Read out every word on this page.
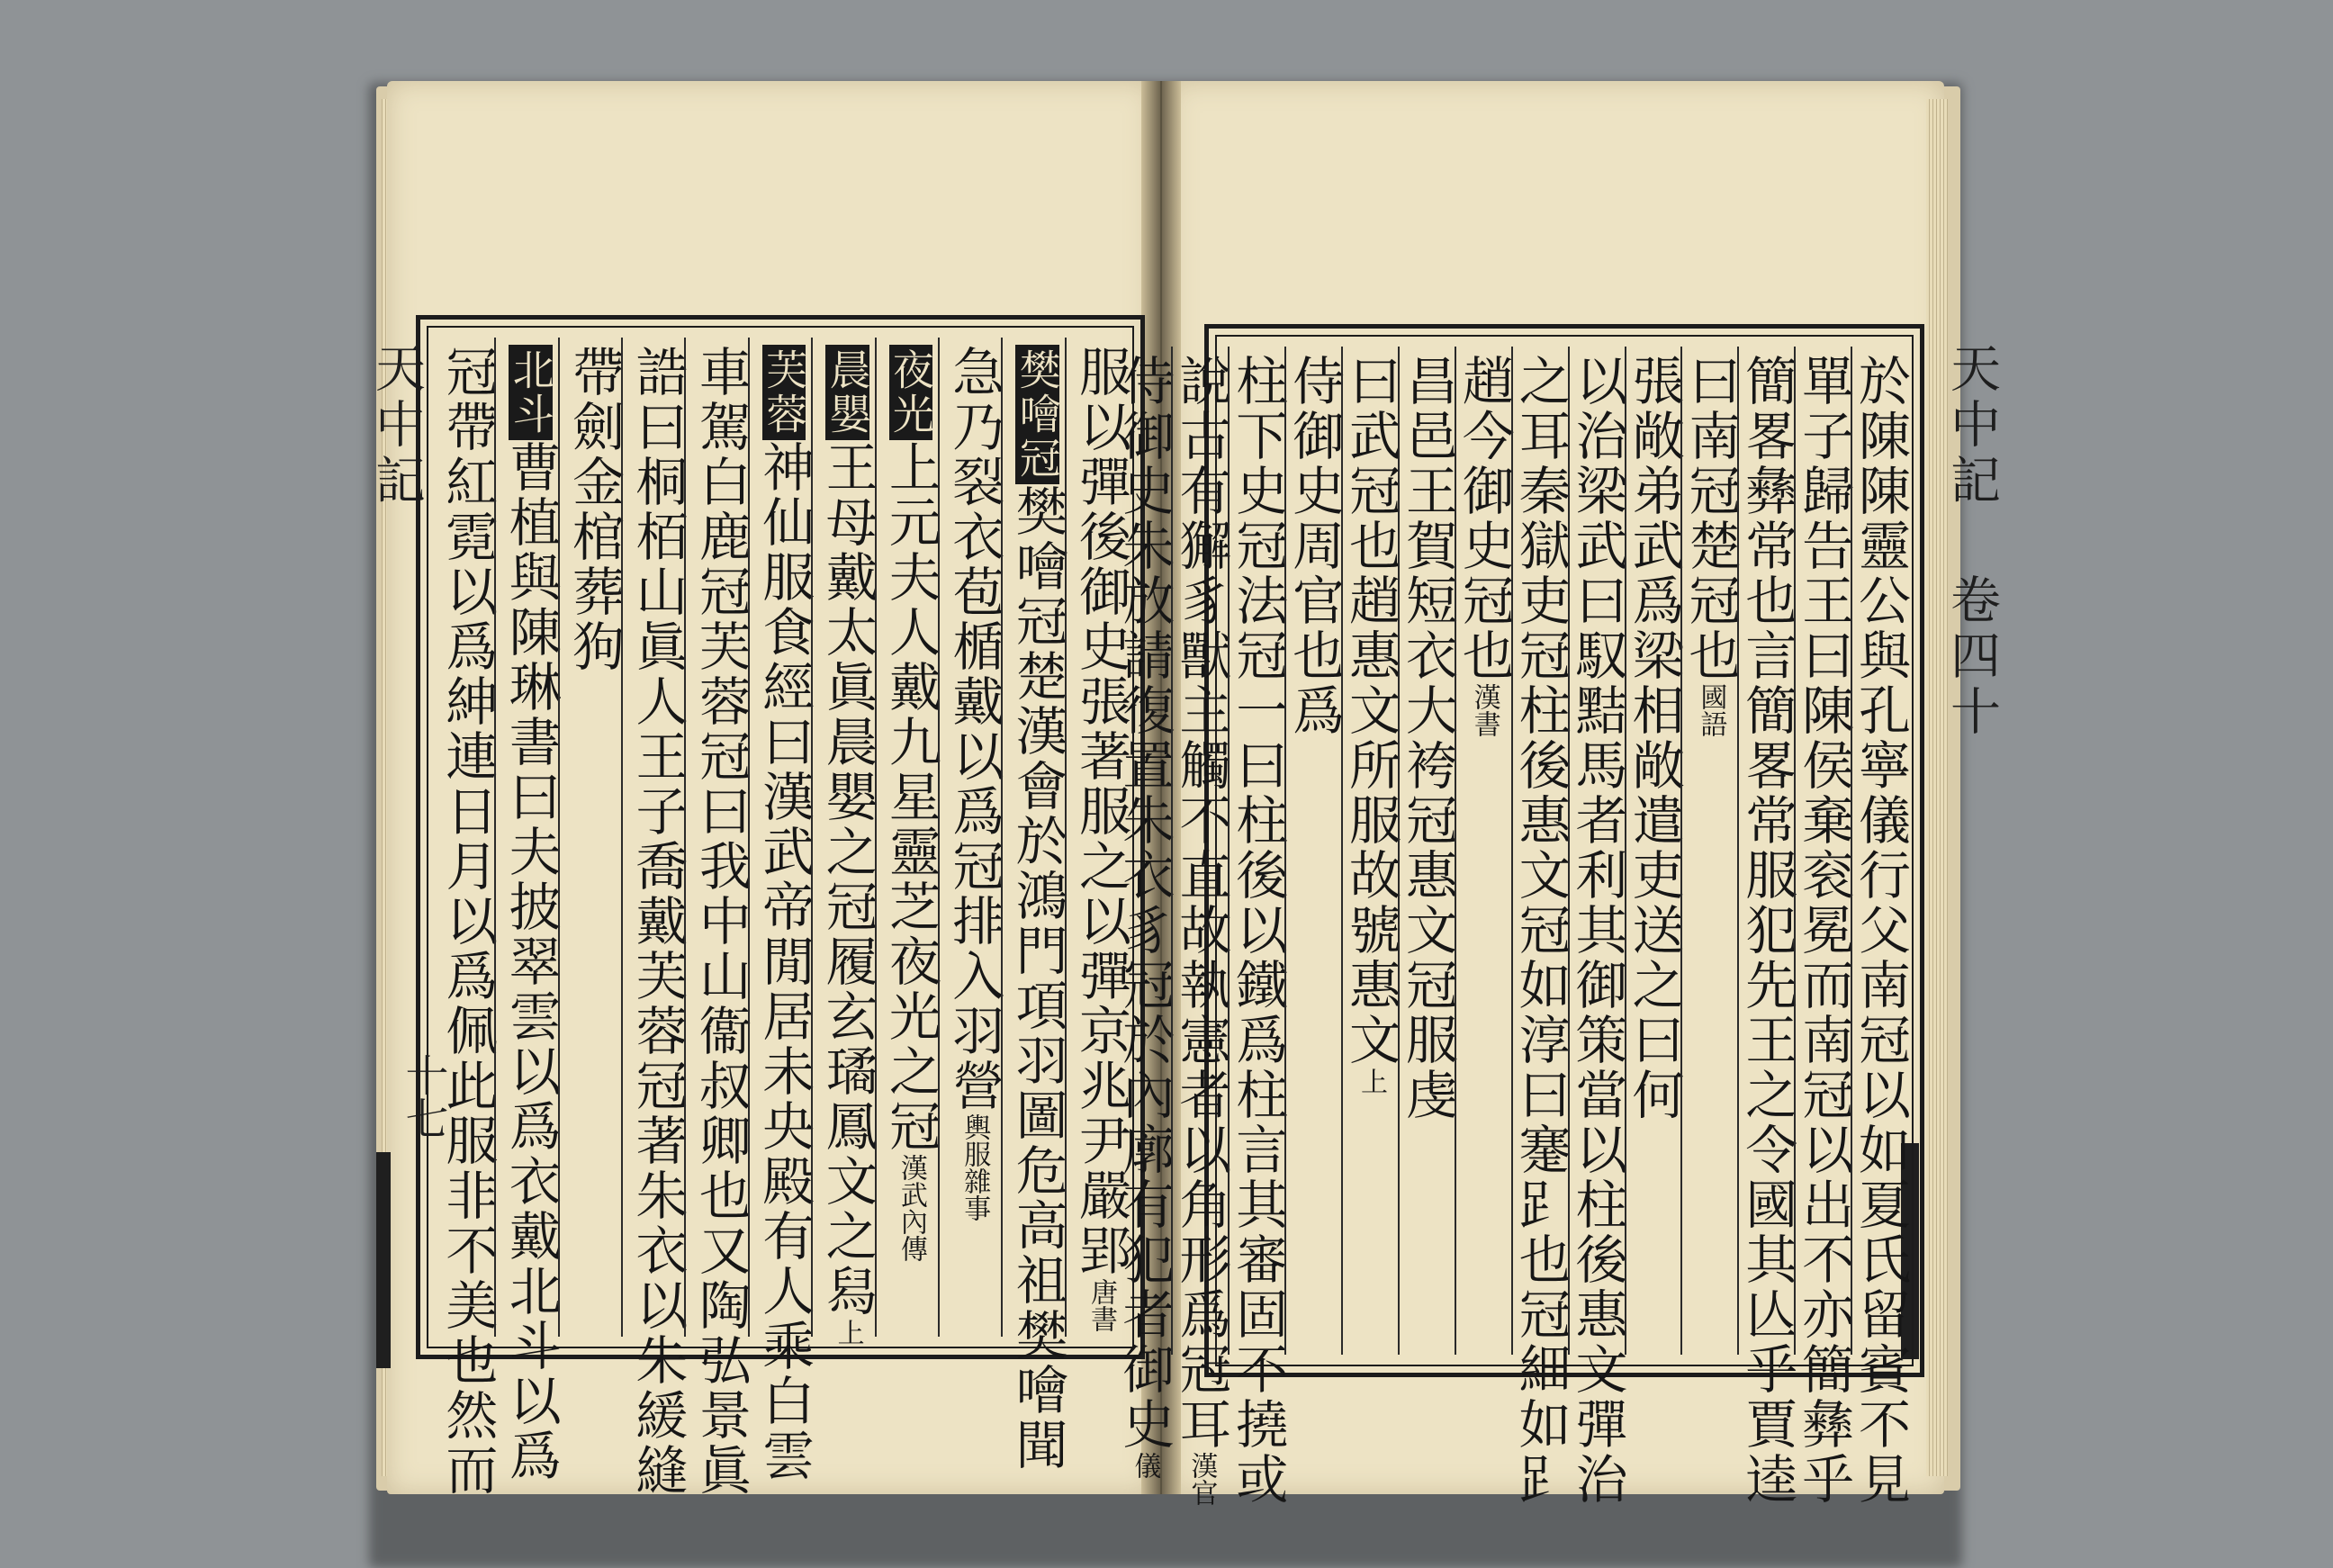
天中記
十七
天中記 卷四十
服以彈後御史張著服之以彈京兆尹嚴郢唐書
樊噲冠樊噲冠楚漢會於鴻門項羽圖危高祖樊噲聞
急乃裂衣苞楯戴以爲冠排入羽營輿服雜事
夜光上元夫人戴九星靈芝夜光之冠漢武內傳
晨嬰王母戴太眞晨嬰之冠履玄璚鳳文之舄上
芙蓉神仙服食經曰漢武帝閒居未央殿有人乘白雲
車駕白鹿冠芙蓉冠曰我中山衞叔卿也又陶弘景眞
誥曰桐栢山眞人王子喬戴芙蓉冠著朱衣以朱緩縫
帶劍金棺葬狗
北斗曹植與陳琳書曰夫披翠雲以爲衣戴北斗以爲
冠帶紅霓以爲紳連日月以爲佩此服非不美也然而	於陳陳靈公與孔寧儀行父南冠以如夏氏留賓不見
單子歸告王曰陳侯棄衮冕而南冠以出不亦簡彝乎
簡畧彝常也言簡畧常服犯先王之令國其亾乎賈逵
曰南冠楚冠也國語
張敞弟武爲梁相敞遣吏送之曰何
以治梁武曰馭黠馬者利其御策當以柱後惠文彈治
之耳秦獄吏冠柱後惠文冠如淳曰䞿𧾷也冠細如𧾷
趙今御史冠也漢書
昌邑王賀短衣大袴冠惠文冠服虔
曰武冠也趙惠文所服故號惠文上
侍御史周官也爲
柱下史冠法冠一曰柱後以鐵爲柱言其審固不撓或
說古有獬豸獸主觸不直故執憲者以角形爲冠耳漢官
侍御史朱放請復置朱衣豸冠於內廓有犯者御史儀
